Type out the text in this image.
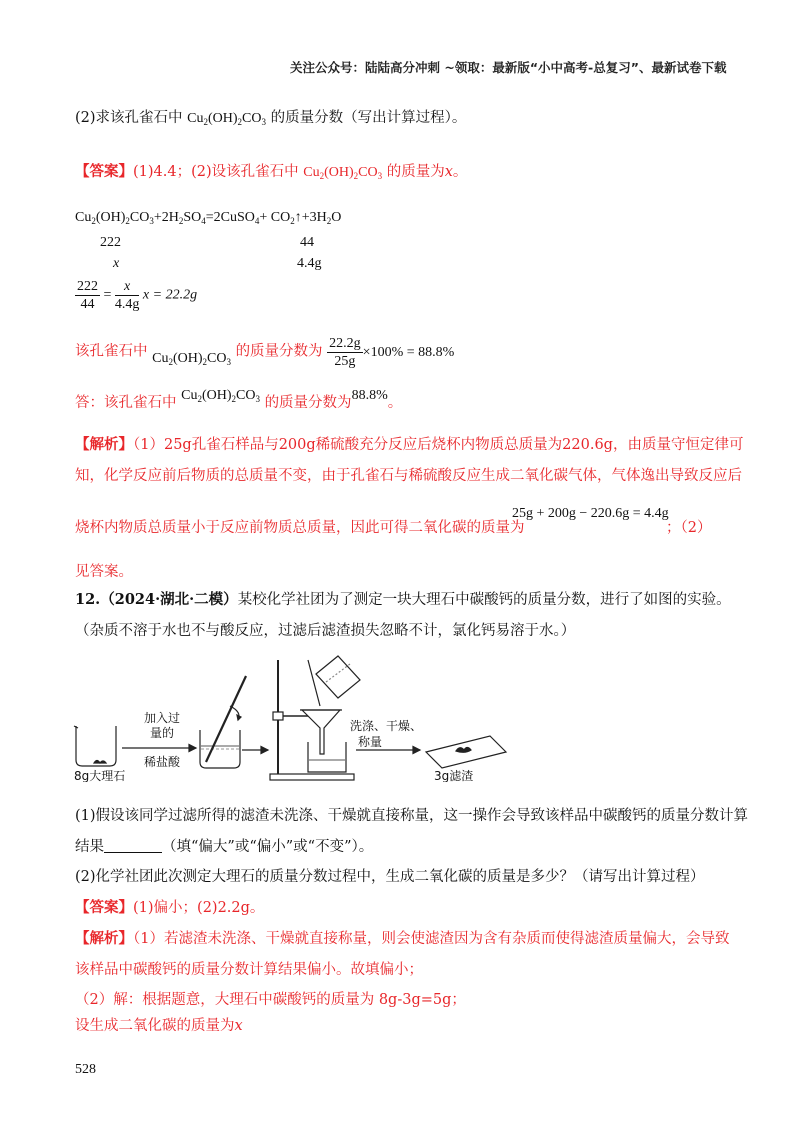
关注公众号：陆陆高分冲刺 ~领取：最新版“小中高考-总复习”、最新试卷下载
(2)求该孔雀石中 $Cu_2(OH)_2CO_3$ 的质量分数（写出计算过程）。
【答案】(1)4.4；(2)设该孔雀石中 $Cu_2(OH)_2CO_3$ 的质量为x。
$Cu_2(OH)_2CO_3+2H_2SO_4=2CuSO_4+$ $CO_2↑+3H_2O$
222	44
x	4.4g
$\frac{222}{44} = \frac{x}{4.4g}$ x = 22.2g
该孔雀石中 $Cu_2(OH)_2CO_3$ 的质量分数为 $\frac{22.2g}{25g} \times 100\% = 88.8\%$
答：该孔雀石中 $Cu_2(OH)_2CO_3$ 的质量分数为88.8%。
【解析】（1）25g孔雀石样品与200g稀硫酸充分反应后烧杯内物质总质量为220.6g，由质量守恒定律可
知，化学反应前后物质的总质量不变，由于孔雀石与稀硫酸反应生成二氧化碳气体，气体逸出导致反应后
烧杯内物质总质量小于反应前物质总质量，因此可得二氧化碳的质量为
25g + 200g − 220.6g = 4.4g
；（2）
见答案。
12.（2024·湖北·二模）某校化学社团为了测定一块大理石中碳酸钙的质量分数，进行了如图的实验。
（杂质不溶于水也不与酸反应，过滤后滤渣损失忽略不计，氯化钙易溶于水。）
加入过
量的
稀盐酸
洗涤、干燥、
称量
8g大理石	3g滤渣
(1)假设该同学过滤所得的滤渣未洗涤、干燥就直接称量，这一操作会导致该样品中碳酸钙的质量分数计算
结果	（填“偏大”或“偏小”或“不变”）。
(2)化学社团此次测定大理石的质量分数过程中，生成二氧化碳的质量是多少？（请写出计算过程）
【答案】(1)偏小；(2)2.2g。
【解析】（1）若滤渣未洗涤、干燥就直接称量，则会使滤渣因为含有杂质而使得滤渣质量偏大，会导致
该样品中碳酸钙的质量分数计算结果偏小。故填偏小；
（2）解：根据题意，大理石中碳酸钙的质量为 8g-3g=5g；
设生成二氧化碳的质量为x
528
